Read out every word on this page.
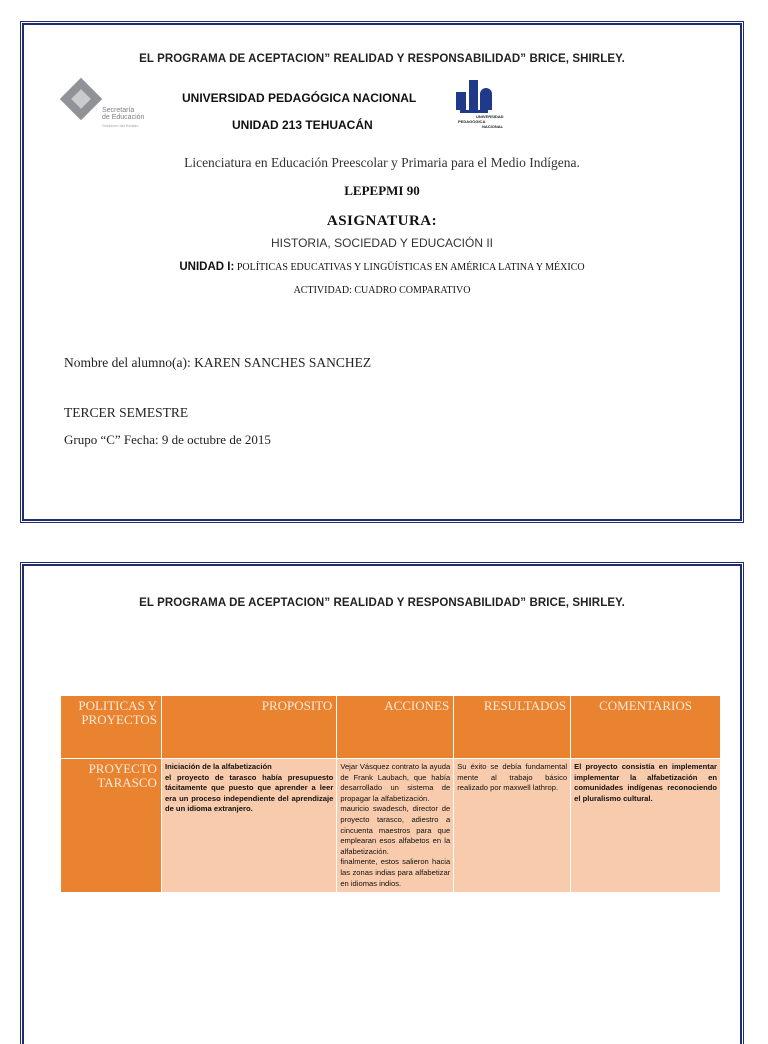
EL PROGRAMA DE ACEPTACION” REALIDAD Y RESPONSABILIDAD” BRICE, SHIRLEY.
Secretaría
de Educación
Gobierno del Estado
UNIVERSIDAD PEDAGÓGICA NACIONAL
UNIDAD 213 TEHUACÁN
UNIVERSIDAD
PEDAGÓGICA
NACIONAL
Licenciatura en Educación Preescolar y Primaria para el Medio Indígena.
LEPEPMI 90
ASIGNATURA:
HISTORIA, SOCIEDAD Y EDUCACIÓN II
UNIDAD I: POLÍTICAS EDUCATIVAS Y LINGÜÍSTICAS EN AMÉRICA LATINA Y MÉXICO
ACTIVIDAD: CUADRO COMPARATIVO
Nombre del alumno(a): KAREN SANCHES SANCHEZ
TERCER SEMESTRE
Grupo “C” Fecha: 9 de octubre de 2015
EL PROGRAMA DE ACEPTACION” REALIDAD Y RESPONSABILIDAD” BRICE, SHIRLEY.
POLITICAS Y PROYECTOS	PROPOSITO	ACCIONES	RESULTADOS	COMENTARIOS
PROYECTO TARASCO	Iniciación de la alfabetización
el proyecto de tarasco había presupuesto tácitamente que puesto que aprender a leer era un proceso independiente del aprendizaje de un idioma extranjero.	Vejar Vásquez contrato la ayuda de Frank Laubach, que había desarrollado un sistema de propagar la alfabetización.
mauricio swadesch, director de proyecto tarasco, adiestro a cincuenta maestros para que emplearan esos alfabetos en la alfabetización.
finalmente, estos salieron hacia las zonas indias para alfabetizar en idiomas indios.	Su éxito se debía fundamental mente al trabajo básico realizado por maxwell lathrop.	El proyecto consistía en implementar implementar la alfabetización en comunidades indígenas reconociendo el pluralismo cultural.
